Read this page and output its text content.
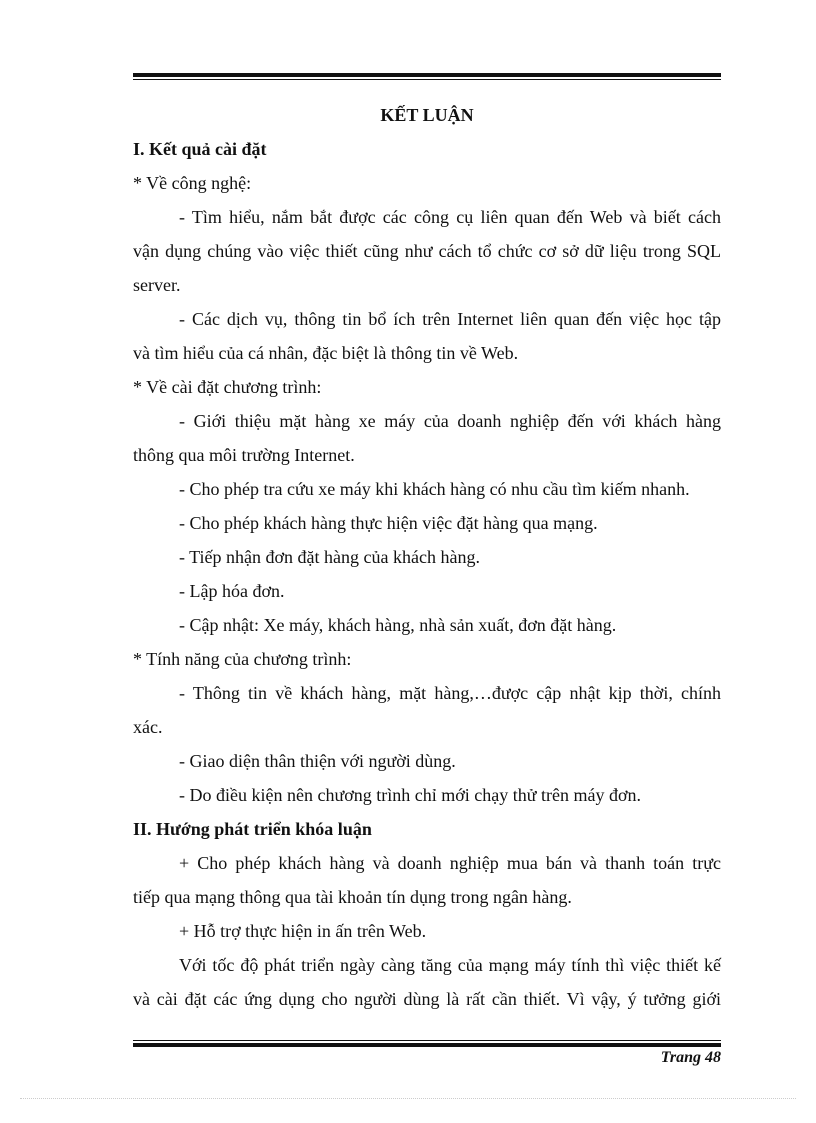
KẾT LUẬN
I. Kết quả cài đặt
* Về công nghệ:
- Tìm hiểu, nắm bắt được các công cụ liên quan đến Web và biết cách
vận dụng chúng vào việc thiết cũng như cách tổ chức cơ sở dữ liệu trong SQL
server.
- Các dịch vụ, thông tin bổ ích trên Internet liên quan đến việc học tập
và tìm hiểu của cá nhân, đặc biệt là thông tin về Web.
* Về cài đặt chương trình:
- Giới thiệu mặt hàng xe máy của doanh nghiệp đến với khách hàng
thông qua môi trường Internet.
- Cho phép tra cứu xe máy khi khách hàng có nhu cầu tìm kiếm nhanh.
- Cho phép khách hàng thực hiện việc đặt hàng qua mạng.
- Tiếp nhận đơn đặt hàng của khách hàng.
- Lập hóa đơn.
- Cập nhật: Xe máy, khách hàng, nhà sản xuất, đơn đặt hàng.
* Tính năng của chương trình:
- Thông tin về khách hàng, mặt hàng,…được cập nhật kịp thời, chính
xác.
- Giao diện thân thiện với người dùng.
- Do điều kiện nên chương trình chỉ mới chạy thử trên máy đơn.
II. Hướng phát triển khóa luận
+ Cho phép khách hàng và doanh nghiệp mua bán và thanh toán trực
tiếp qua mạng thông qua tài khoản tín dụng trong ngân hàng.
+ Hỗ trợ thực hiện in ấn trên Web.
Với tốc độ phát triển ngày càng tăng của mạng máy tính thì việc thiết kế
và cài đặt các ứng dụng cho người dùng là rất cần thiết. Vì vậy, ý tưởng giới
Trang 48
